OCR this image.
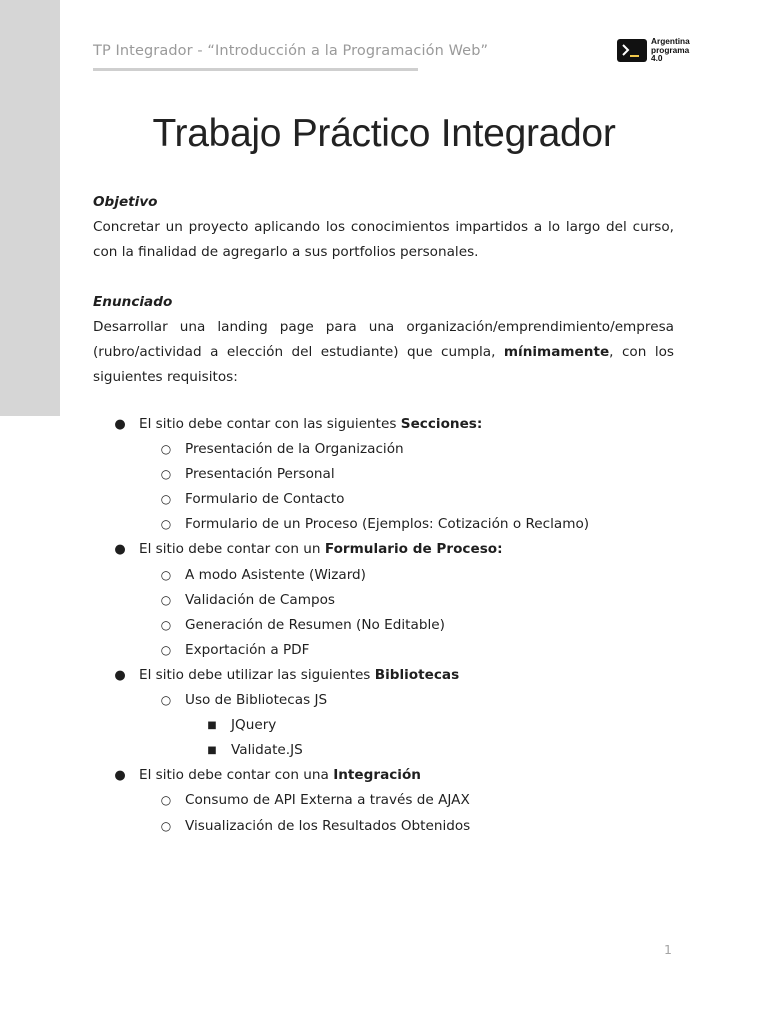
TP Integrador - “Introducción a la Programación Web”
Argentina
programa
4.0
Trabajo Práctico Integrador
Objetivo

Concretar un proyecto aplicando los conocimientos impartidos a lo largo del curso, con la finalidad de agregarlo a sus portfolios personales.

Enunciado

Desarrollar una landing page para una organización/emprendimiento/empresa (rubro/actividad a elección del estudiante) que cumpla, mínimamente, con los siguientes requisitos:

● El sitio debe contar con las siguientes Secciones:
○ Presentación de la Organización
○ Presentación Personal
○ Formulario de Contacto
○ Formulario de un Proceso (Ejemplos: Cotización o Reclamo)
● El sitio debe contar con un Formulario de Proceso:
○ A modo Asistente (Wizard)
○ Validación de Campos
○ Generación de Resumen (No Editable)
○ Exportación a PDF
● El sitio debe utilizar las siguientes Bibliotecas
○ Uso de Bibliotecas JS
■ JQuery
■ Validate.JS
● El sitio debe contar con una Integración
○ Consumo de API Externa a través de AJAX
○ Visualización de los Resultados Obtenidos
1
